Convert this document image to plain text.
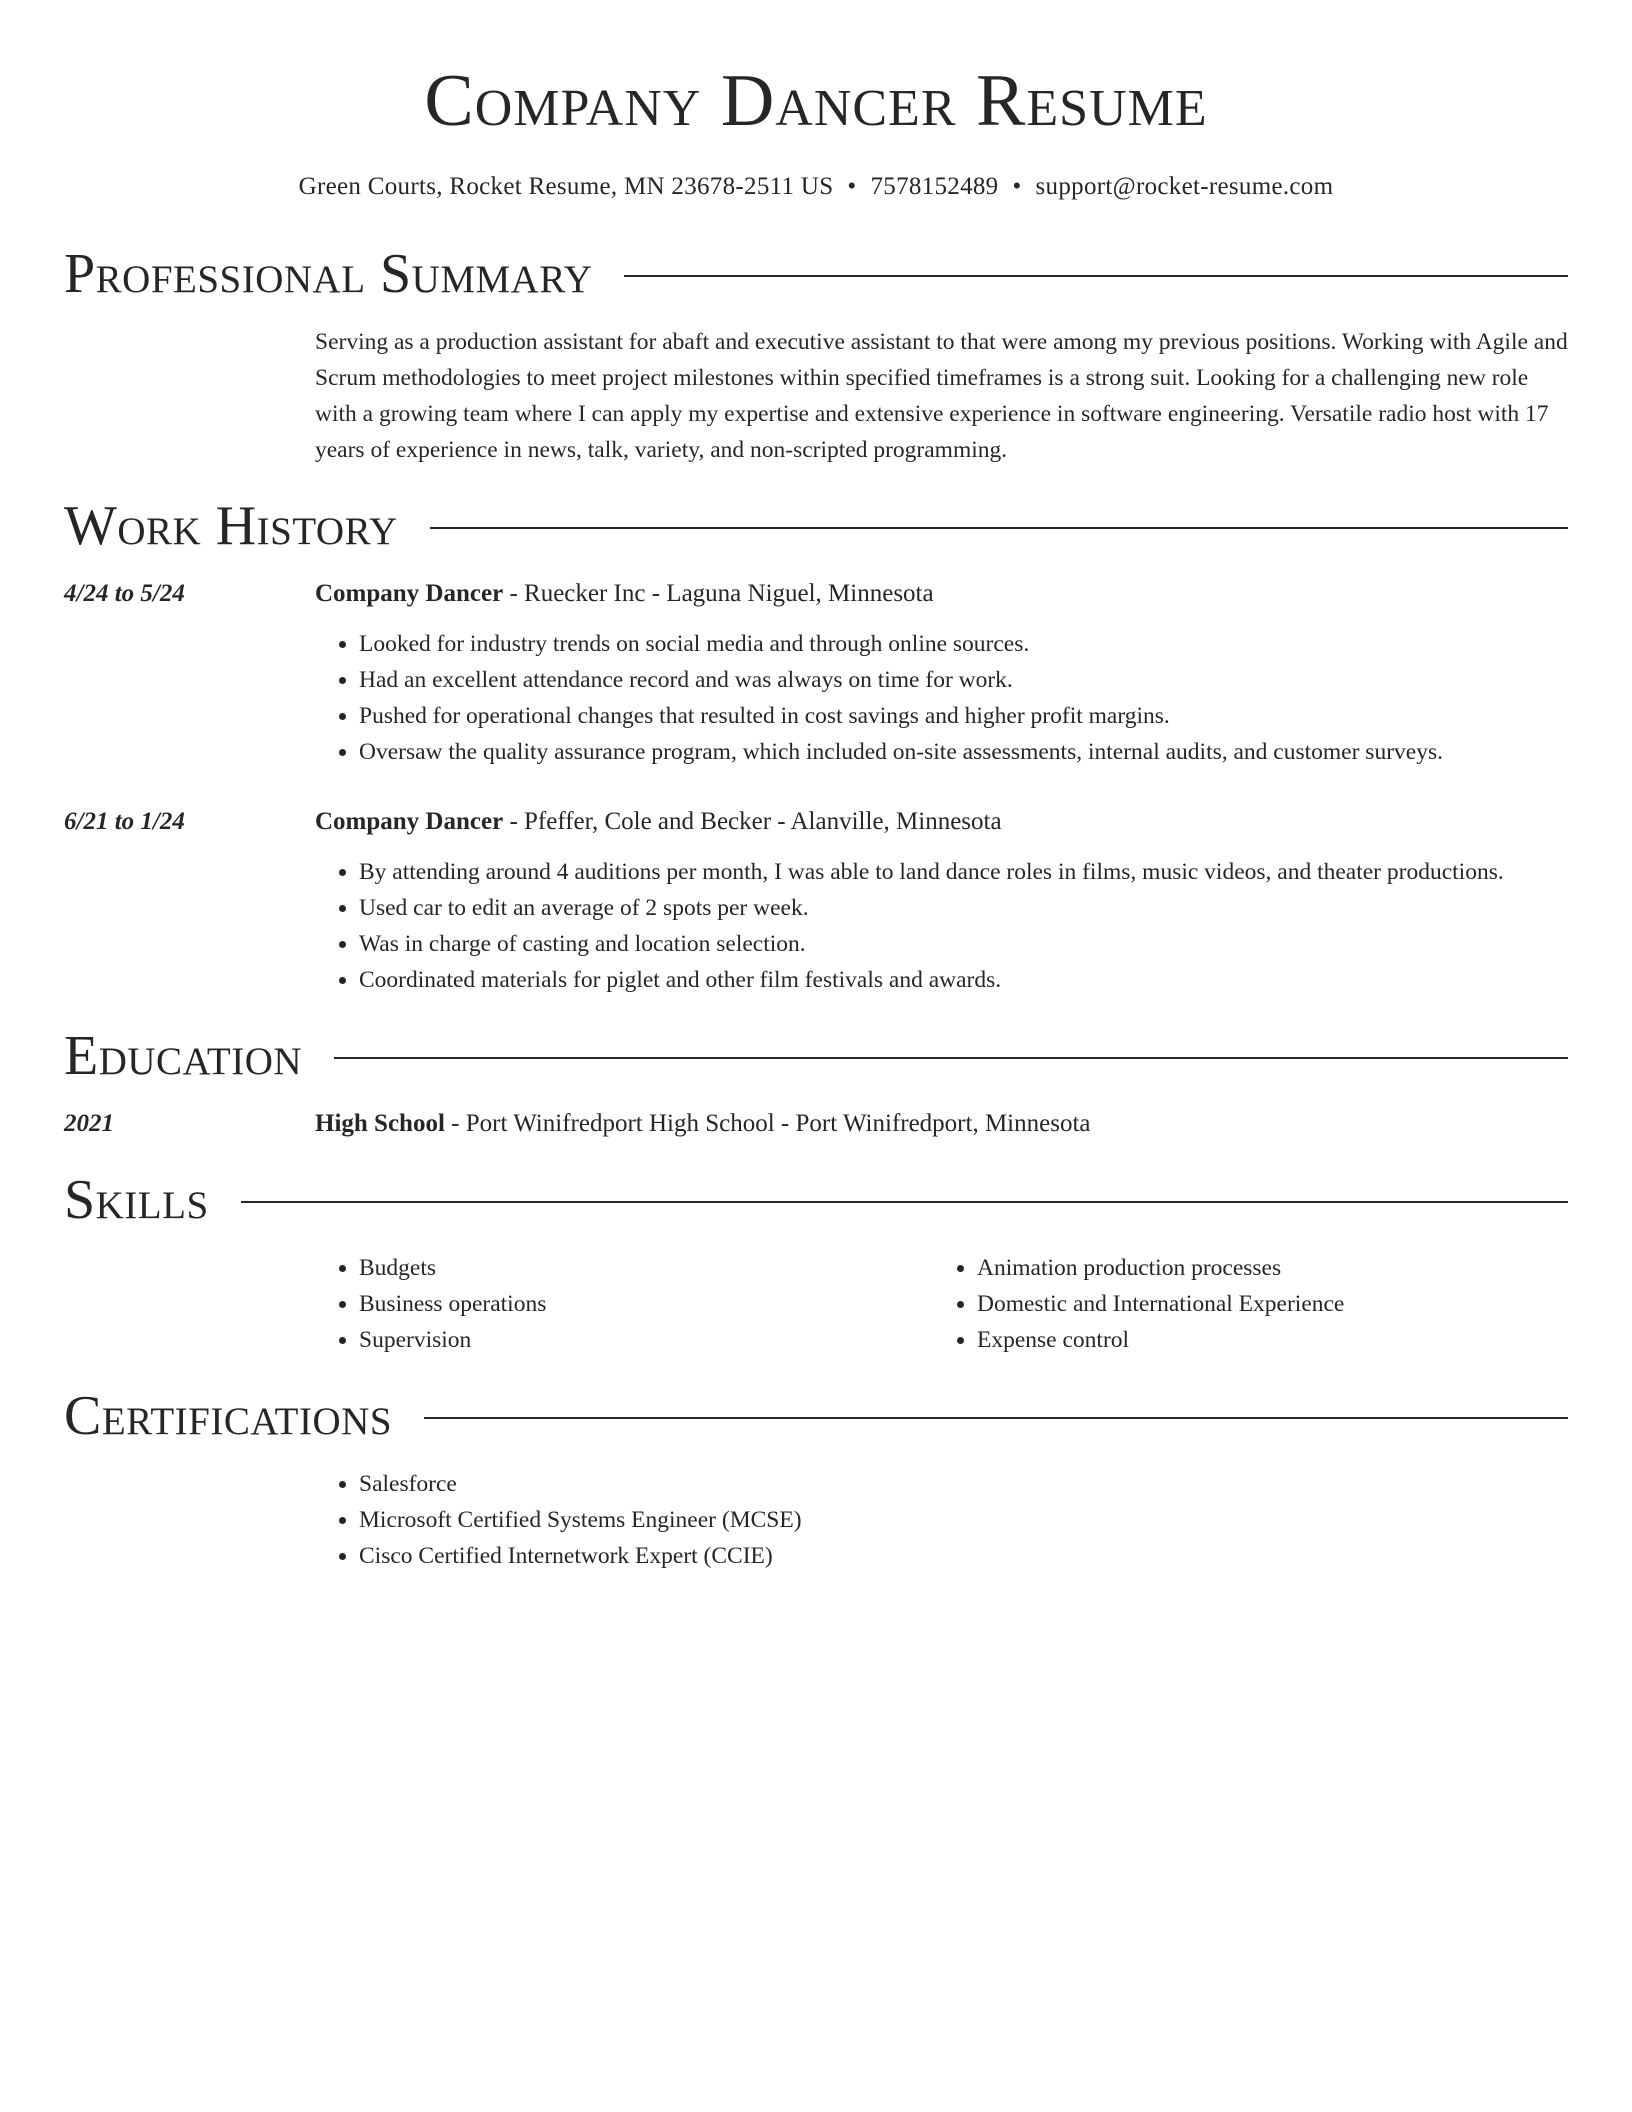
Company Dancer Resume
Green Courts, Rocket Resume, MN 23678-2511 US • 7578152489 • support@rocket-resume.com
Professional Summary
Serving as a production assistant for abaft and executive assistant to that were among my previous positions. Working with Agile and Scrum methodologies to meet project milestones within specified timeframes is a strong suit. Looking for a challenging new role with a growing team where I can apply my expertise and extensive experience in software engineering. Versatile radio host with 17 years of experience in news, talk, variety, and non-scripted programming.
Work History
4/24 to 5/24	Company Dancer - Ruecker Inc - Laguna Niguel, Minnesota
• Looked for industry trends on social media and through online sources.
• Had an excellent attendance record and was always on time for work.
• Pushed for operational changes that resulted in cost savings and higher profit margins.
• Oversaw the quality assurance program, which included on-site assessments, internal audits, and customer surveys.
6/21 to 1/24	Company Dancer - Pfeffer, Cole and Becker - Alanville, Minnesota
• By attending around 4 auditions per month, I was able to land dance roles in films, music videos, and theater productions.
• Used car to edit an average of 2 spots per week.
• Was in charge of casting and location selection.
• Coordinated materials for piglet and other film festivals and awards.
Education
2021	High School - Port Winifredport High School - Port Winifredport, Minnesota
Skills
• Budgets
• Business operations
• Supervision
• Animation production processes
• Domestic and International Experience
• Expense control
Certifications
• Salesforce
• Microsoft Certified Systems Engineer (MCSE)
• Cisco Certified Internetwork Expert (CCIE)
